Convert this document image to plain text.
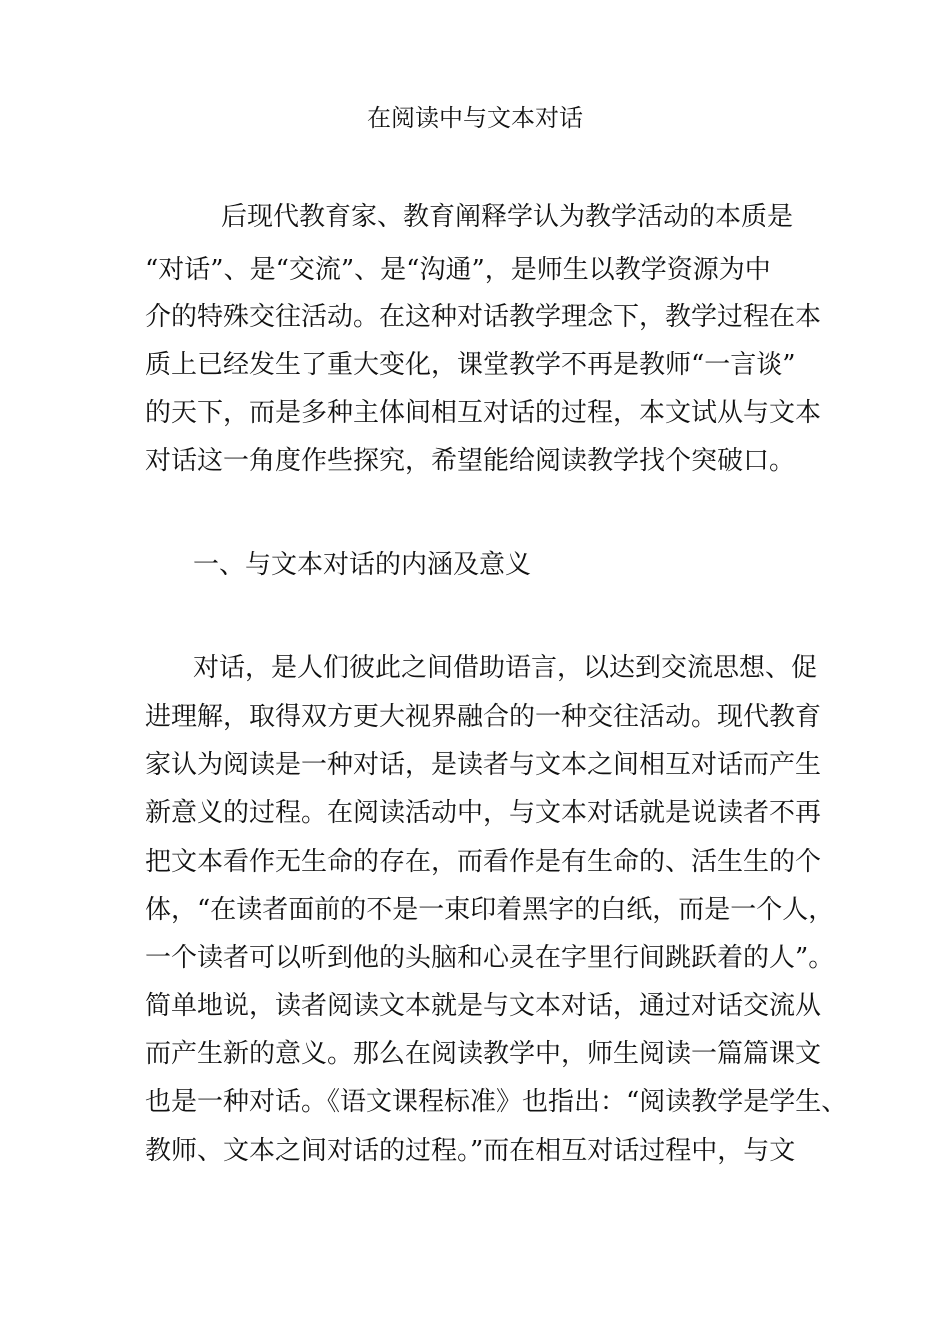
在阅读中与文本对话

后现代教育家、教育阐释学认为教学活动的本质是

“对话”、是“交流”、是“沟通”，是师生以教学资源为中

介的特殊交往活动。在这种对话教学理念下，教学过程在本

质上已经发生了重大变化，课堂教学不再是教师“一言谈”

的天下，而是多种主体间相互对话的过程，本文试从与文本

对话这一角度作些探究，希望能给阅读教学找个突破口。

一、与文本对话的内涵及意义

对话，是人们彼此之间借助语言，以达到交流思想、促

进理解，取得双方更大视界融合的一种交往活动。现代教育

家认为阅读是一种对话，是读者与文本之间相互对话而产生

新意义的过程。在阅读活动中，与文本对话就是说读者不再

把文本看作无生命的存在，而看作是有生命的、活生生的个

体，“在读者面前的不是一束印着黑字的白纸，而是一个人，

一个读者可以听到他的头脑和心灵在字里行间跳跃着的人”。

简单地说，读者阅读文本就是与文本对话，通过对话交流从

而产生新的意义。那么在阅读教学中，师生阅读一篇篇课文

也是一种对话。《语文课程标准》也指出：“阅读教学是学生、

教师、文本之间对话的过程。”而在相互对话过程中，与文
